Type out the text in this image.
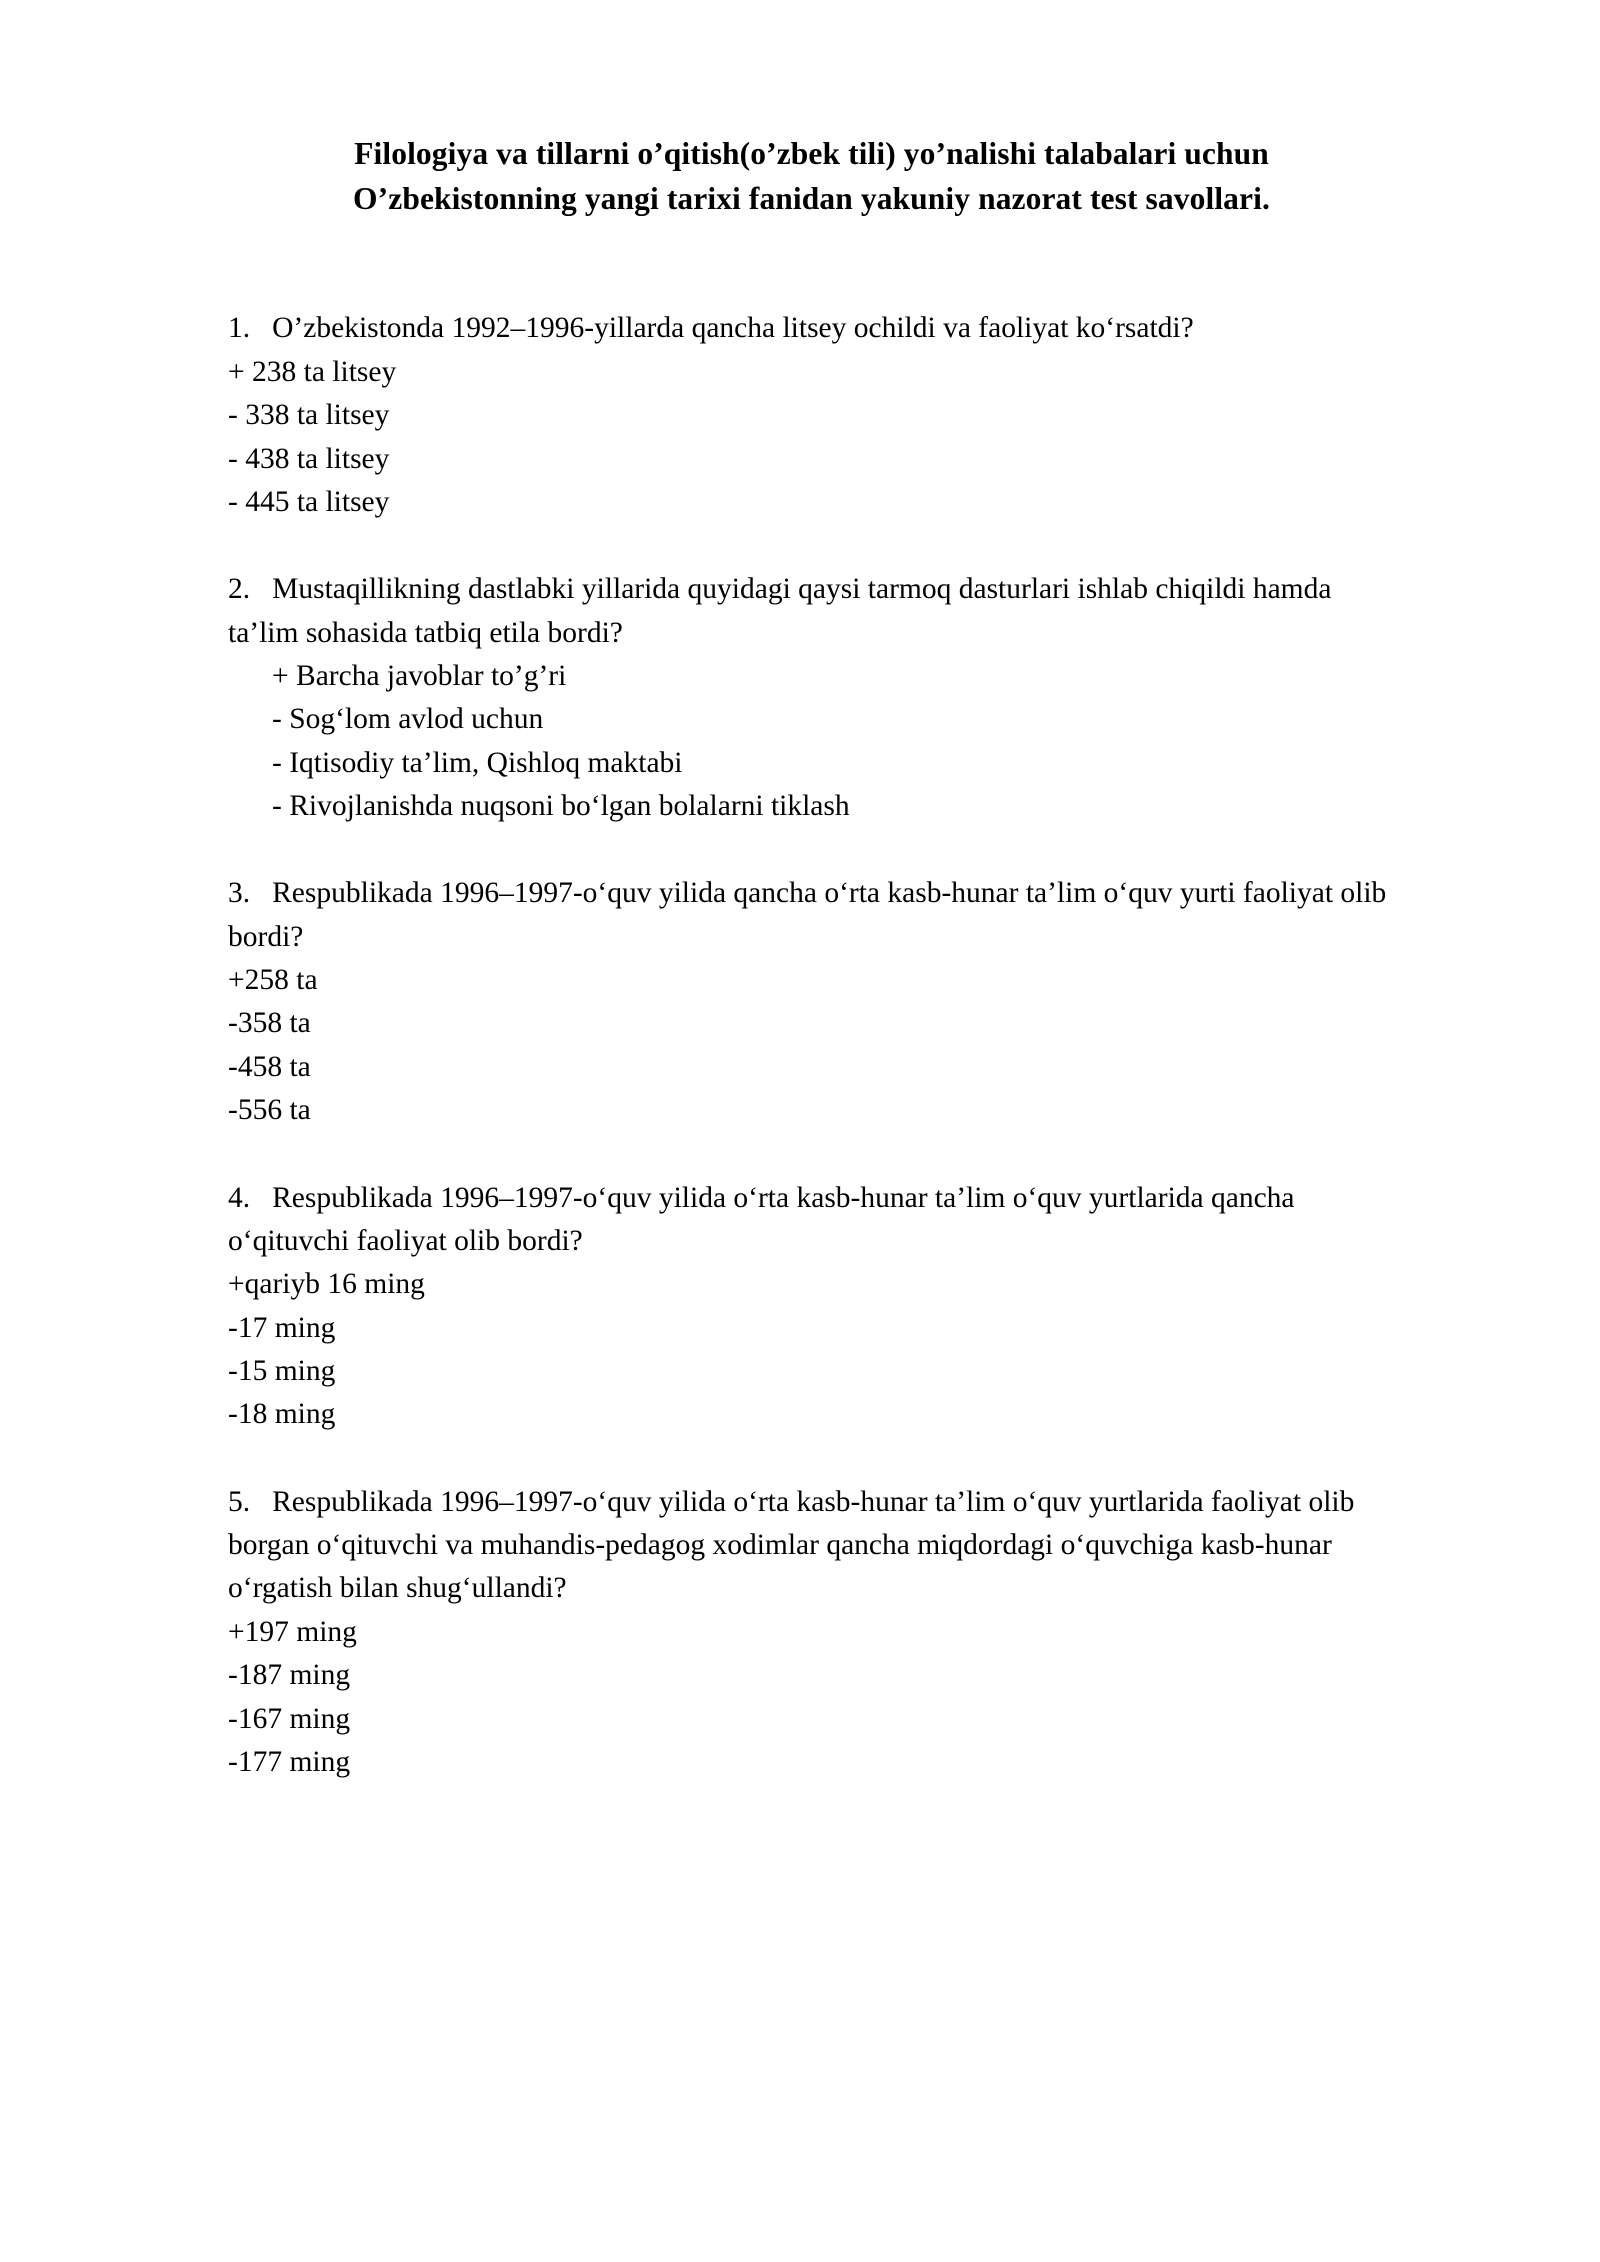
Filologiya va tillarni o’qitish(o’zbek tili) yo’nalishi talabalari uchun
O’zbekistonning yangi tarixi fanidan yakuniy nazorat test savollari.

1. O’zbekistonda 1992–1996-yillarda qancha litsey ochildi va faoliyat ko‘rsatdi?

+ 238 ta litsey

- 338 ta litsey

- 438 ta litsey

- 445 ta litsey

2. Mustaqillikning dastlabki yillarida quyidagi qaysi tarmoq dasturlari ishlab chiqildi hamda ta’lim sohasida tatbiq etila bordi?

+ Barcha javoblar to’g’ri

- Sog‘lom avlod uchun

- Iqtisodiy ta’lim, Qishloq maktabi

- Rivojlanishda nuqsoni bo‘lgan bolalarni tiklash

3. Respublikada 1996–1997-o‘quv yilida qancha o‘rta kasb-hunar ta’lim o‘quv yurti faoliyat olib bordi?

+258 ta

-358 ta

-458 ta

-556 ta

4. Respublikada 1996–1997-o‘quv yilida o‘rta kasb-hunar ta’lim o‘quv yurtlarida qancha o‘qituvchi faoliyat olib bordi?

+qariyb 16 ming

-17 ming

-15 ming

-18 ming

5. Respublikada 1996–1997-o‘quv yilida o‘rta kasb-hunar ta’lim o‘quv yurtlarida faoliyat olib borgan o‘qituvchi va muhandis-pedagog xodimlar qancha miqdordagi o‘quvchiga kasb-hunar o‘rgatish bilan shug‘ullandi?

+197 ming

-187 ming

-167 ming

-177 ming
